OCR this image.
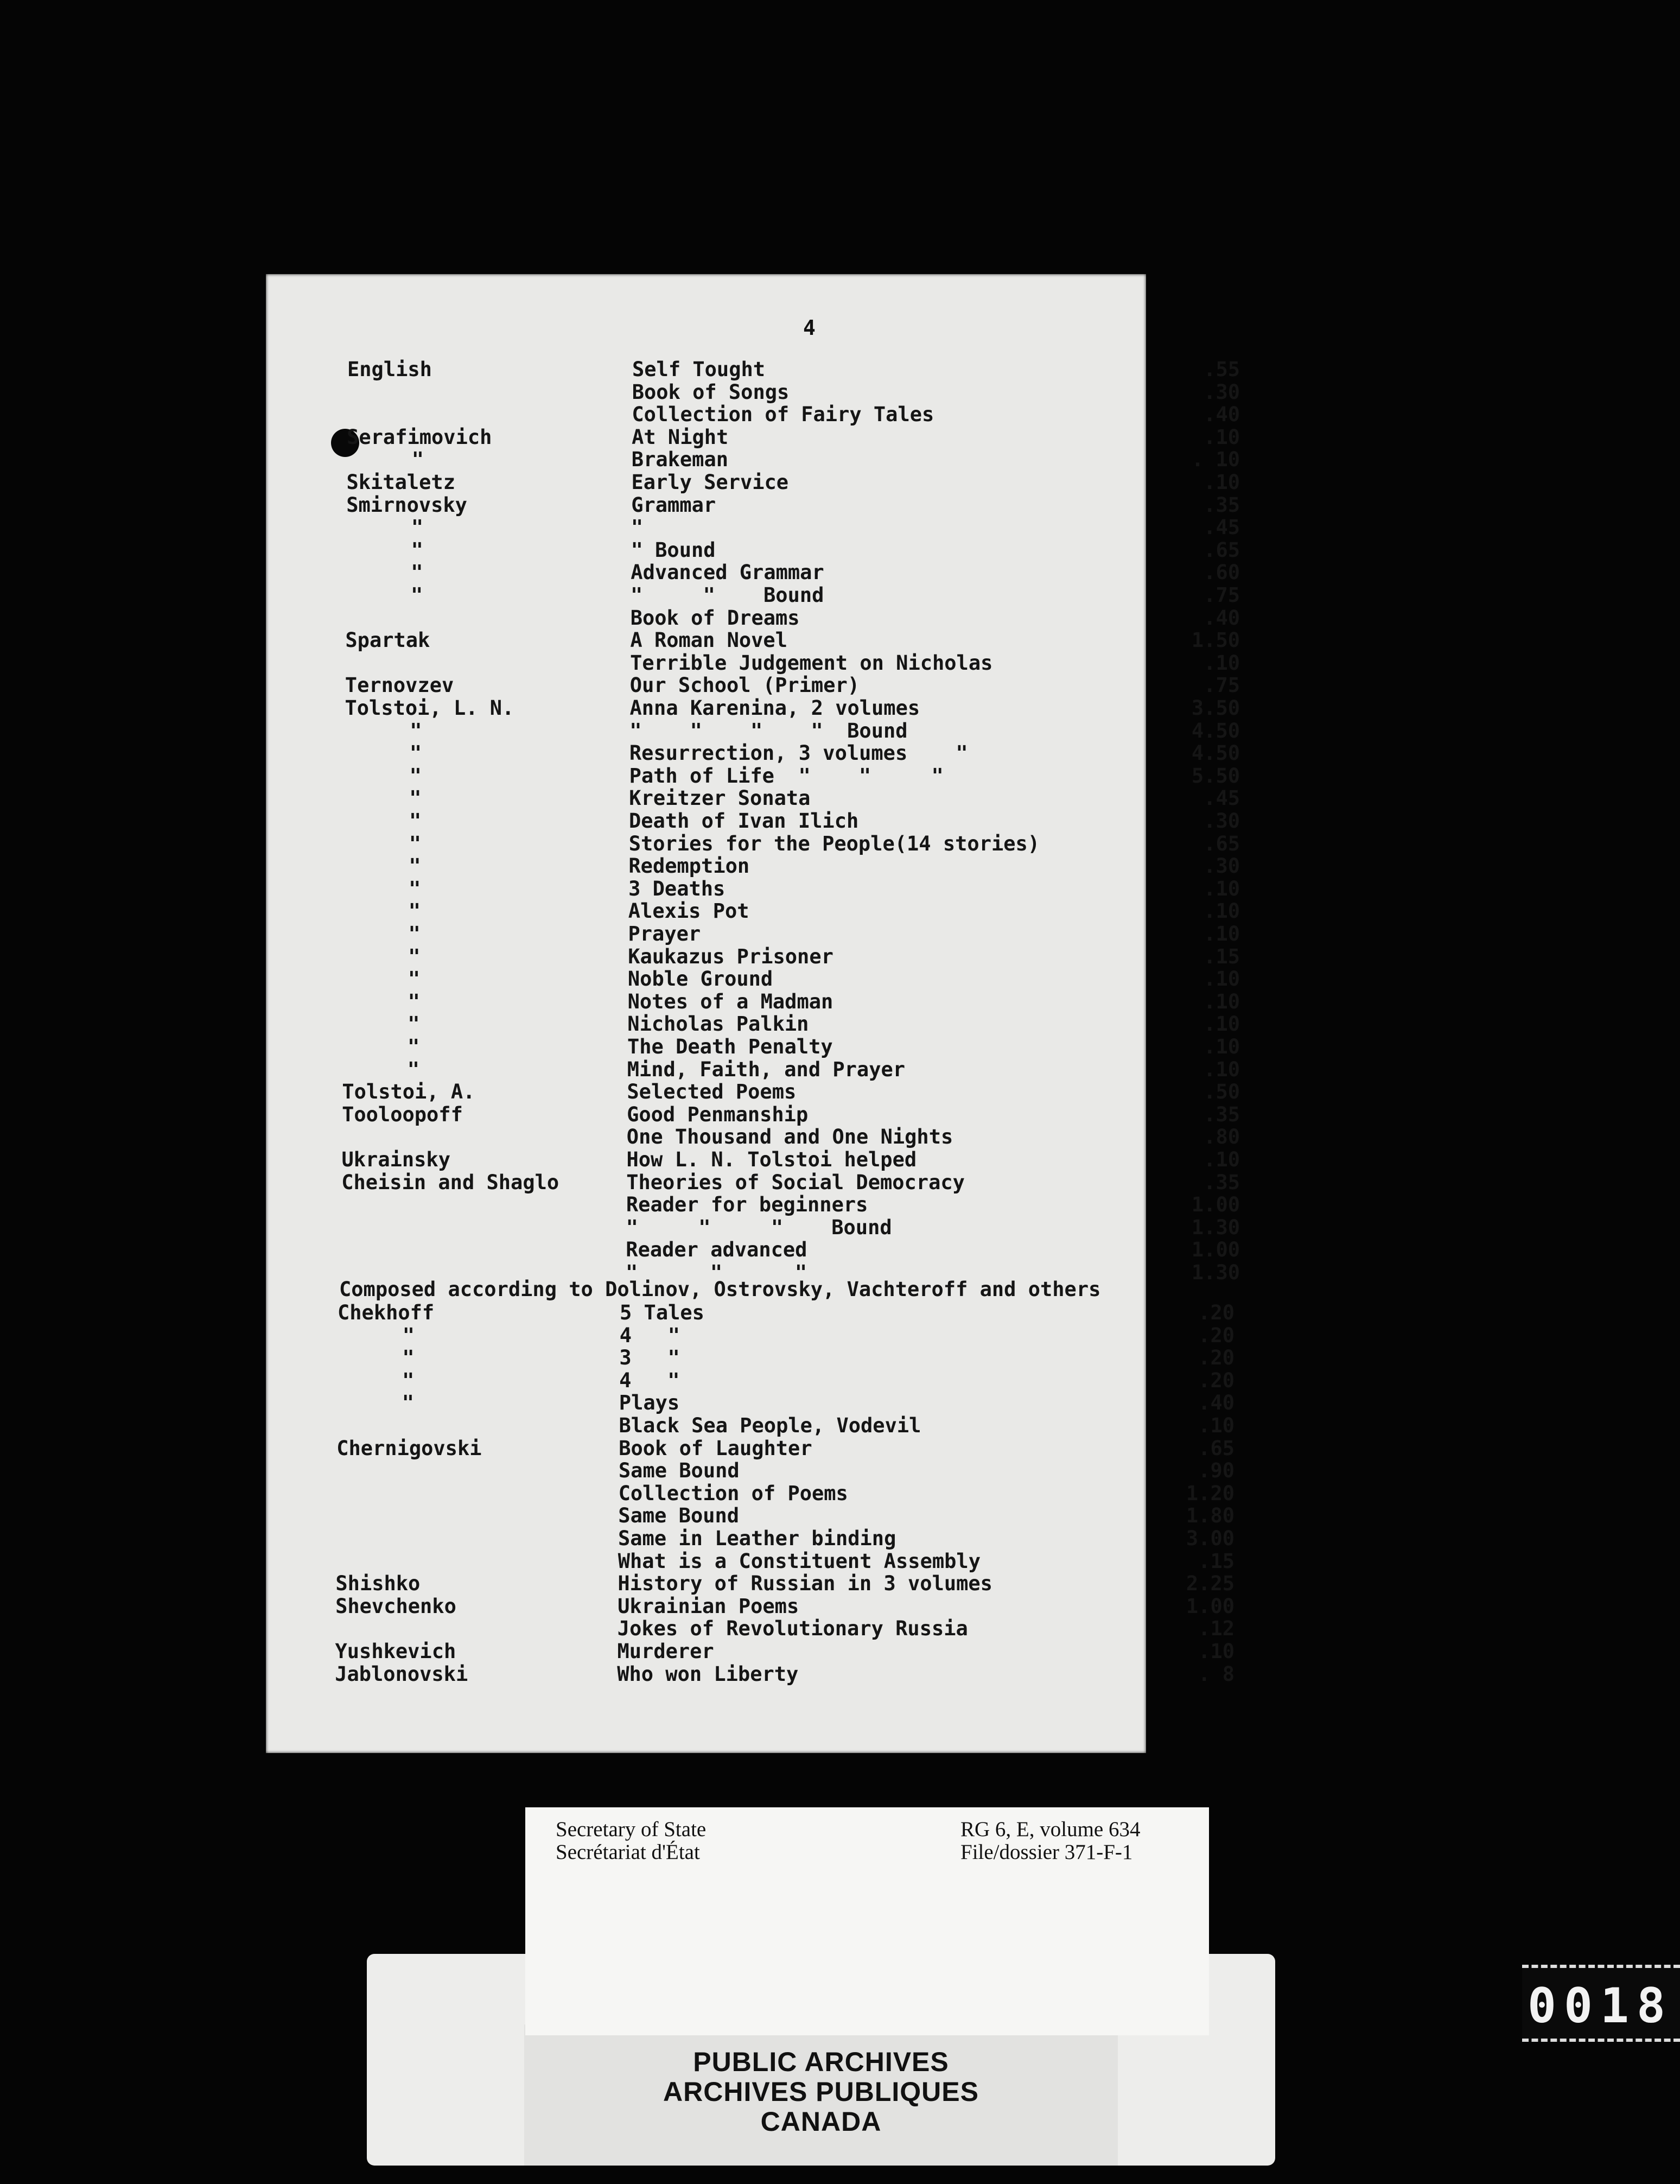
4
English	Self Tought	.55
Book of Songs	.30
Collection of Fairy Tales	.40
Serafimovich	At Night	.10
"	Brakeman	. 10
Skitaletz	Early Service	.10
Smirnovsky	Grammar	.35
"	"	.45
"	" Bound	.65
"	Advanced Grammar	.60
"	"     "    Bound	.75
Book of Dreams	.40
Spartak	A Roman Novel	1.50
Terrible Judgement on Nicholas	.10
Ternovzev	Our School (Primer)	.75
Tolstoi, L. N.	Anna Karenina, 2 volumes	3.50
"	"    "    "    "  Bound	4.50
"	Resurrection, 3 volumes    "	4.50
"	Path of Life  "    "     "	5.50
"	Kreitzer Sonata	.45
"	Death of Ivan Ilich	.30
"	Stories for the People(14 stories)	.65
"	Redemption	.30
"	3 Deaths	.10
"	Alexis Pot	.10
"	Prayer	.10
"	Kaukazus Prisoner	.15
"	Noble Ground	.10
"	Notes of a Madman	.10
"	Nicholas Palkin	.10
"	The Death Penalty	.10
"	Mind, Faith, and Prayer	.10
Tolstoi, A.	Selected Poems	.50
Tooloopoff	Good Penmanship	.35
One Thousand and One Nights	.80
Ukrainsky	How L. N. Tolstoi helped	.10
Cheisin and Shaglo	Theories of Social Democracy	.35
Reader for beginners	1.00
"     "     "    Bound	1.30
Reader advanced	1.00
"      "      "	1.30
Chekhoff	5 Tales	.20
"	4   "	.20
"	3   "	.20
"	4   "	.20
"	Plays	.40
Black Sea People, Vodevil	.10
Chernigovski	Book of Laughter	.65
Same Bound	.90
Collection of Poems	1.20
Same Bound	1.80
Same in Leather binding	3.00
What is a Constituent Assembly	.15
Shishko	History of Russian in 3 volumes	2.25
Shevchenko	Ukrainian Poems	1.00
Jokes of Revolutionary Russia	.12
Yushkevich	Murderer	.10
Jablonovski	Who won Liberty	. 8
Composed according to Dolinov, Ostrovsky, Vachteroff and others
PUBLIC ARCHIVES
ARCHIVES PUBLIQUES
CANADA
Secretary of State
Secrétariat d'État
RG 6, E, volume 634
File/dossier 371-F-1
0018
